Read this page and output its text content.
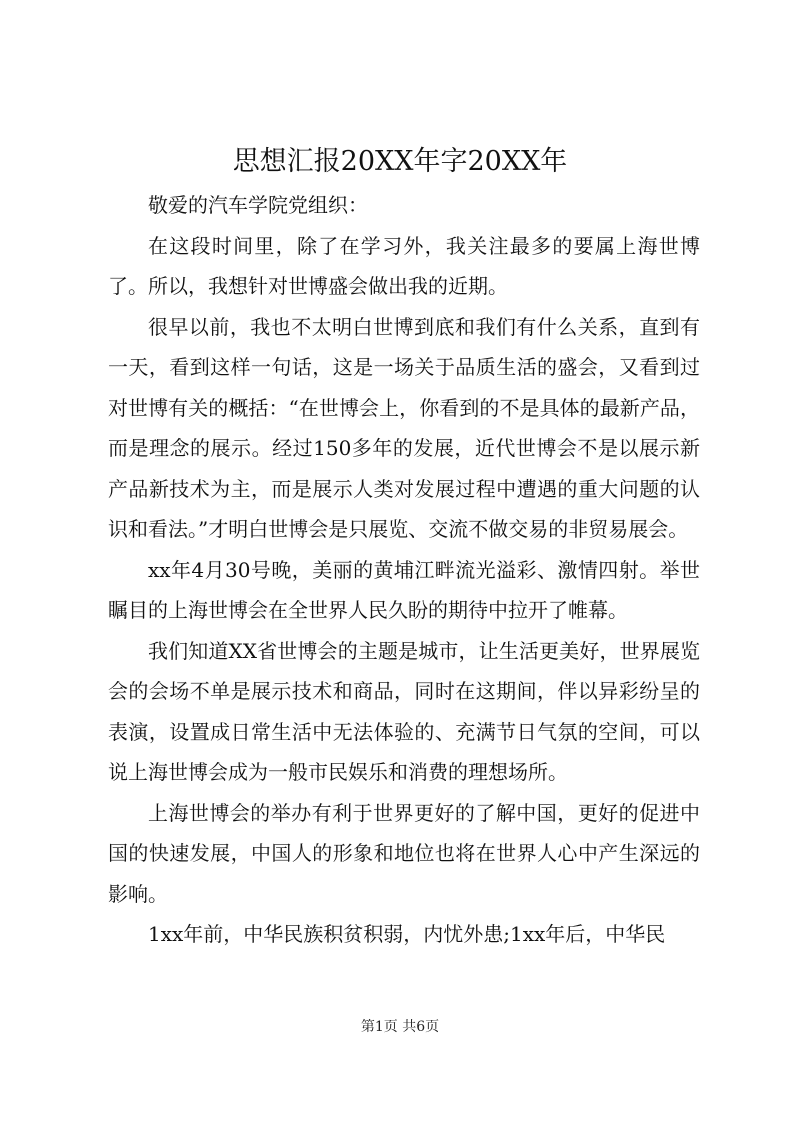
思想汇报20XX年字20XX年

敬爱的汽车学院党组织：

在这段时间里，除了在学习外，我关注最多的要属上海世博了。所以，我想针对世博盛会做出我的近期。

很早以前，我也不太明白世博到底和我们有什么关系，直到有一天，看到这样一句话，这是一场关于品质生活的盛会，又看到过对世博有关的概括：“在世博会上，你看到的不是具体的最新产品，而是理念的展示。经过150多年的发展，近代世博会不是以展示新产品新技术为主，而是展示人类对发展过程中遭遇的重大问题的认识和看法。”才明白世博会是只展览、交流不做交易的非贸易展会。

xx年4月30号晚，美丽的黄埔江畔流光溢彩、激情四射。举世瞩目的上海世博会在全世界人民久盼的期待中拉开了帷幕。

我们知道XX省世博会的主题是城市，让生活更美好，世界展览会的会场不单是展示技术和商品，同时在这期间，伴以异彩纷呈的表演，设置成日常生活中无法体验的、充满节日气氛的空间，可以说上海世博会成为一般市民娱乐和消费的理想场所。

上海世博会的举办有利于世界更好的了解中国，更好的促进中国的快速发展，中国人的形象和地位也将在世界人心中产生深远的影响。

1xx年前，中华民族积贫积弱，内忧外患;1xx年后，中华民

第1页 共6页
